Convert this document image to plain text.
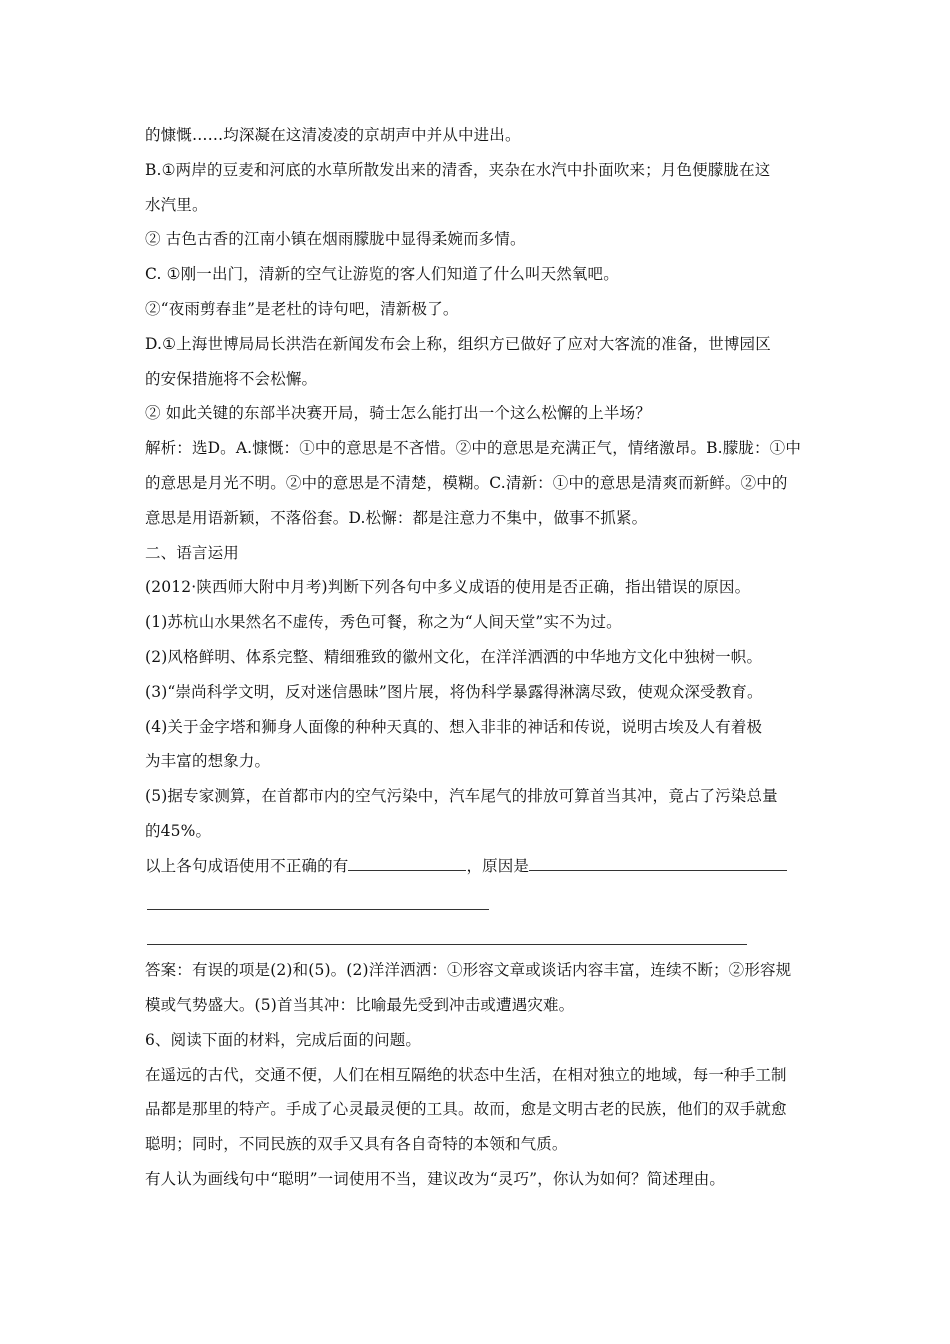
的慷慨……均深凝在这清凌凌的京胡声中并从中进出。
B.①两岸的豆麦和河底的水草所散发出来的清香，夹杂在水汽中扑面吹来；月色便朦胧在这
水汽里。
② 古色古香的江南小镇在烟雨朦胧中显得柔婉而多情。
C. ①刚一出门，清新的空气让游览的客人们知道了什么叫天然氧吧。
②“夜雨剪春韭”是老杜的诗句吧，清新极了。
D.①上海世博局局长洪浩在新闻发布会上称，组织方已做好了应对大客流的准备，世博园区
的安保措施将不会松懈。
② 如此关键的东部半决赛开局，骑士怎么能打出一个这么松懈的上半场？
解析：选D。A.慷慨：①中的意思是不吝惜。②中的意思是充满正气，情绪激昂。B.朦胧：①中
的意思是月光不明。②中的意思是不清楚，模糊。C.清新：①中的意思是清爽而新鲜。②中的
意思是用语新颖，不落俗套。D.松懈：都是注意力不集中，做事不抓紧。
二、语言运用
(2012·陕西师大附中月考)判断下列各句中多义成语的使用是否正确，指出错误的原因。
(1)苏杭山水果然名不虚传，秀色可餐，称之为“人间天堂”实不为过。
(2)风格鲜明、体系完整、精细雅致的徽州文化，在洋洋洒洒的中华地方文化中独树一帜。
(3)“崇尚科学文明，反对迷信愚昧”图片展，将伪科学暴露得淋漓尽致，使观众深受教育。
(4)关于金字塔和狮身人面像的种种天真的、想入非非的神话和传说，说明古埃及人有着极
为丰富的想象力。
(5)据专家测算，在首都市内的空气污染中，汽车尾气的排放可算首当其冲，竟占了污染总量
的45%。
以上各句成语使用不正确的有	，原因是
答案：有误的项是(2)和(5)。(2)洋洋洒洒：①形容文章或谈话内容丰富，连续不断；②形容规
模或气势盛大。(5)首当其冲：比喻最先受到冲击或遭遇灾难。
6、阅读下面的材料，完成后面的问题。
在遥远的古代，交通不便，人们在相互隔绝的状态中生活，在相对独立的地域，每一种手工制
品都是那里的特产。手成了心灵最灵便的工具。故而，愈是文明古老的民族，他们的双手就愈
聪明；同时，不同民族的双手又具有各自奇特的本领和气质。
有人认为画线句中“聪明”一词使用不当，建议改为“灵巧”，你认为如何？简述理由。
